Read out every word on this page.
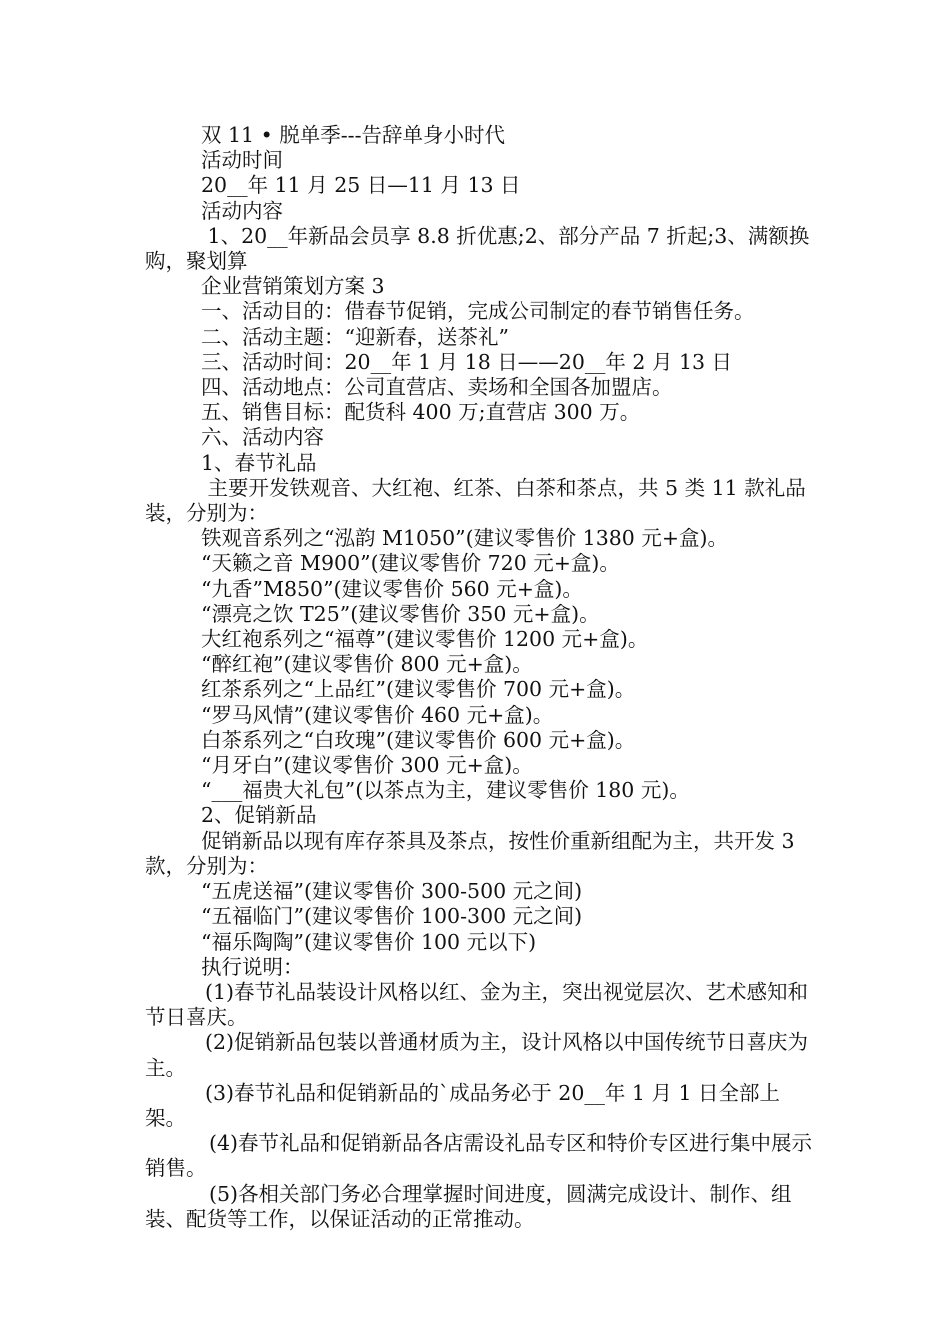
双 11 • 脱单季---告辞单身小时代

活动时间

20__年 11 月 25 日—11 月 13 日

活动内容

1、20__年新品会员享 8.8 折优惠;2、部分产品 7 折起;3、满额换购，聚划算

企业营销策划方案 3

一、活动目的：借春节促销，完成公司制定的春节销售任务。

二、活动主题：“迎新春，送茶礼”

三、活动时间：20__年 1 月 18 日——20__年 2 月 13 日

四、活动地点：公司直营店、卖场和全国各加盟店。

五、销售目标：配货科 400 万;直营店 300 万。

六、活动内容

1、春节礼品

主要开发铁观音、大红袍、红茶、白茶和茶点，共 5 类 11 款礼品装，分别为：

铁观音系列之“泓韵 M1050”(建议零售价 1380 元+盒)。

“天籁之音 M900”(建议零售价 720 元+盒)。

“九香”M850”(建议零售价 560 元+盒)。

“漂亮之饮 T25”(建议零售价 350 元+盒)。

大红袍系列之“福尊”(建议零售价 1200 元+盒)。

“醉红袍”(建议零售价 800 元+盒)。

红茶系列之“上品红”(建议零售价 700 元+盒)。

“罗马风情”(建议零售价 460 元+盒)。

白茶系列之“白玫瑰”(建议零售价 600 元+盒)。

“月牙白”(建议零售价 300 元+盒)。

“___福贵大礼包”(以茶点为主，建议零售价 180 元)。

2、促销新品

促销新品以现有库存茶具及茶点，按性价重新组配为主，共开发 3 款，分别为：

“五虎送福”(建议零售价 300-500 元之间)

“五福临门”(建议零售价 100-300 元之间)

“福乐陶陶”(建议零售价 100 元以下)

执行说明：

(1)春节礼品装设计风格以红、金为主，突出视觉层次、艺术感知和节日喜庆。

(2)促销新品包装以普通材质为主，设计风格以中国传统节日喜庆为主。

(3)春节礼品和促销新品的`成品务必于 20__年 1 月 1 日全部上架。

(4)春节礼品和促销新品各店需设礼品专区和特价专区进行集中展示销售。

(5)各相关部门务必合理掌握时间进度，圆满完成设计、制作、组装、配货等工作，以保证活动的正常推动。
